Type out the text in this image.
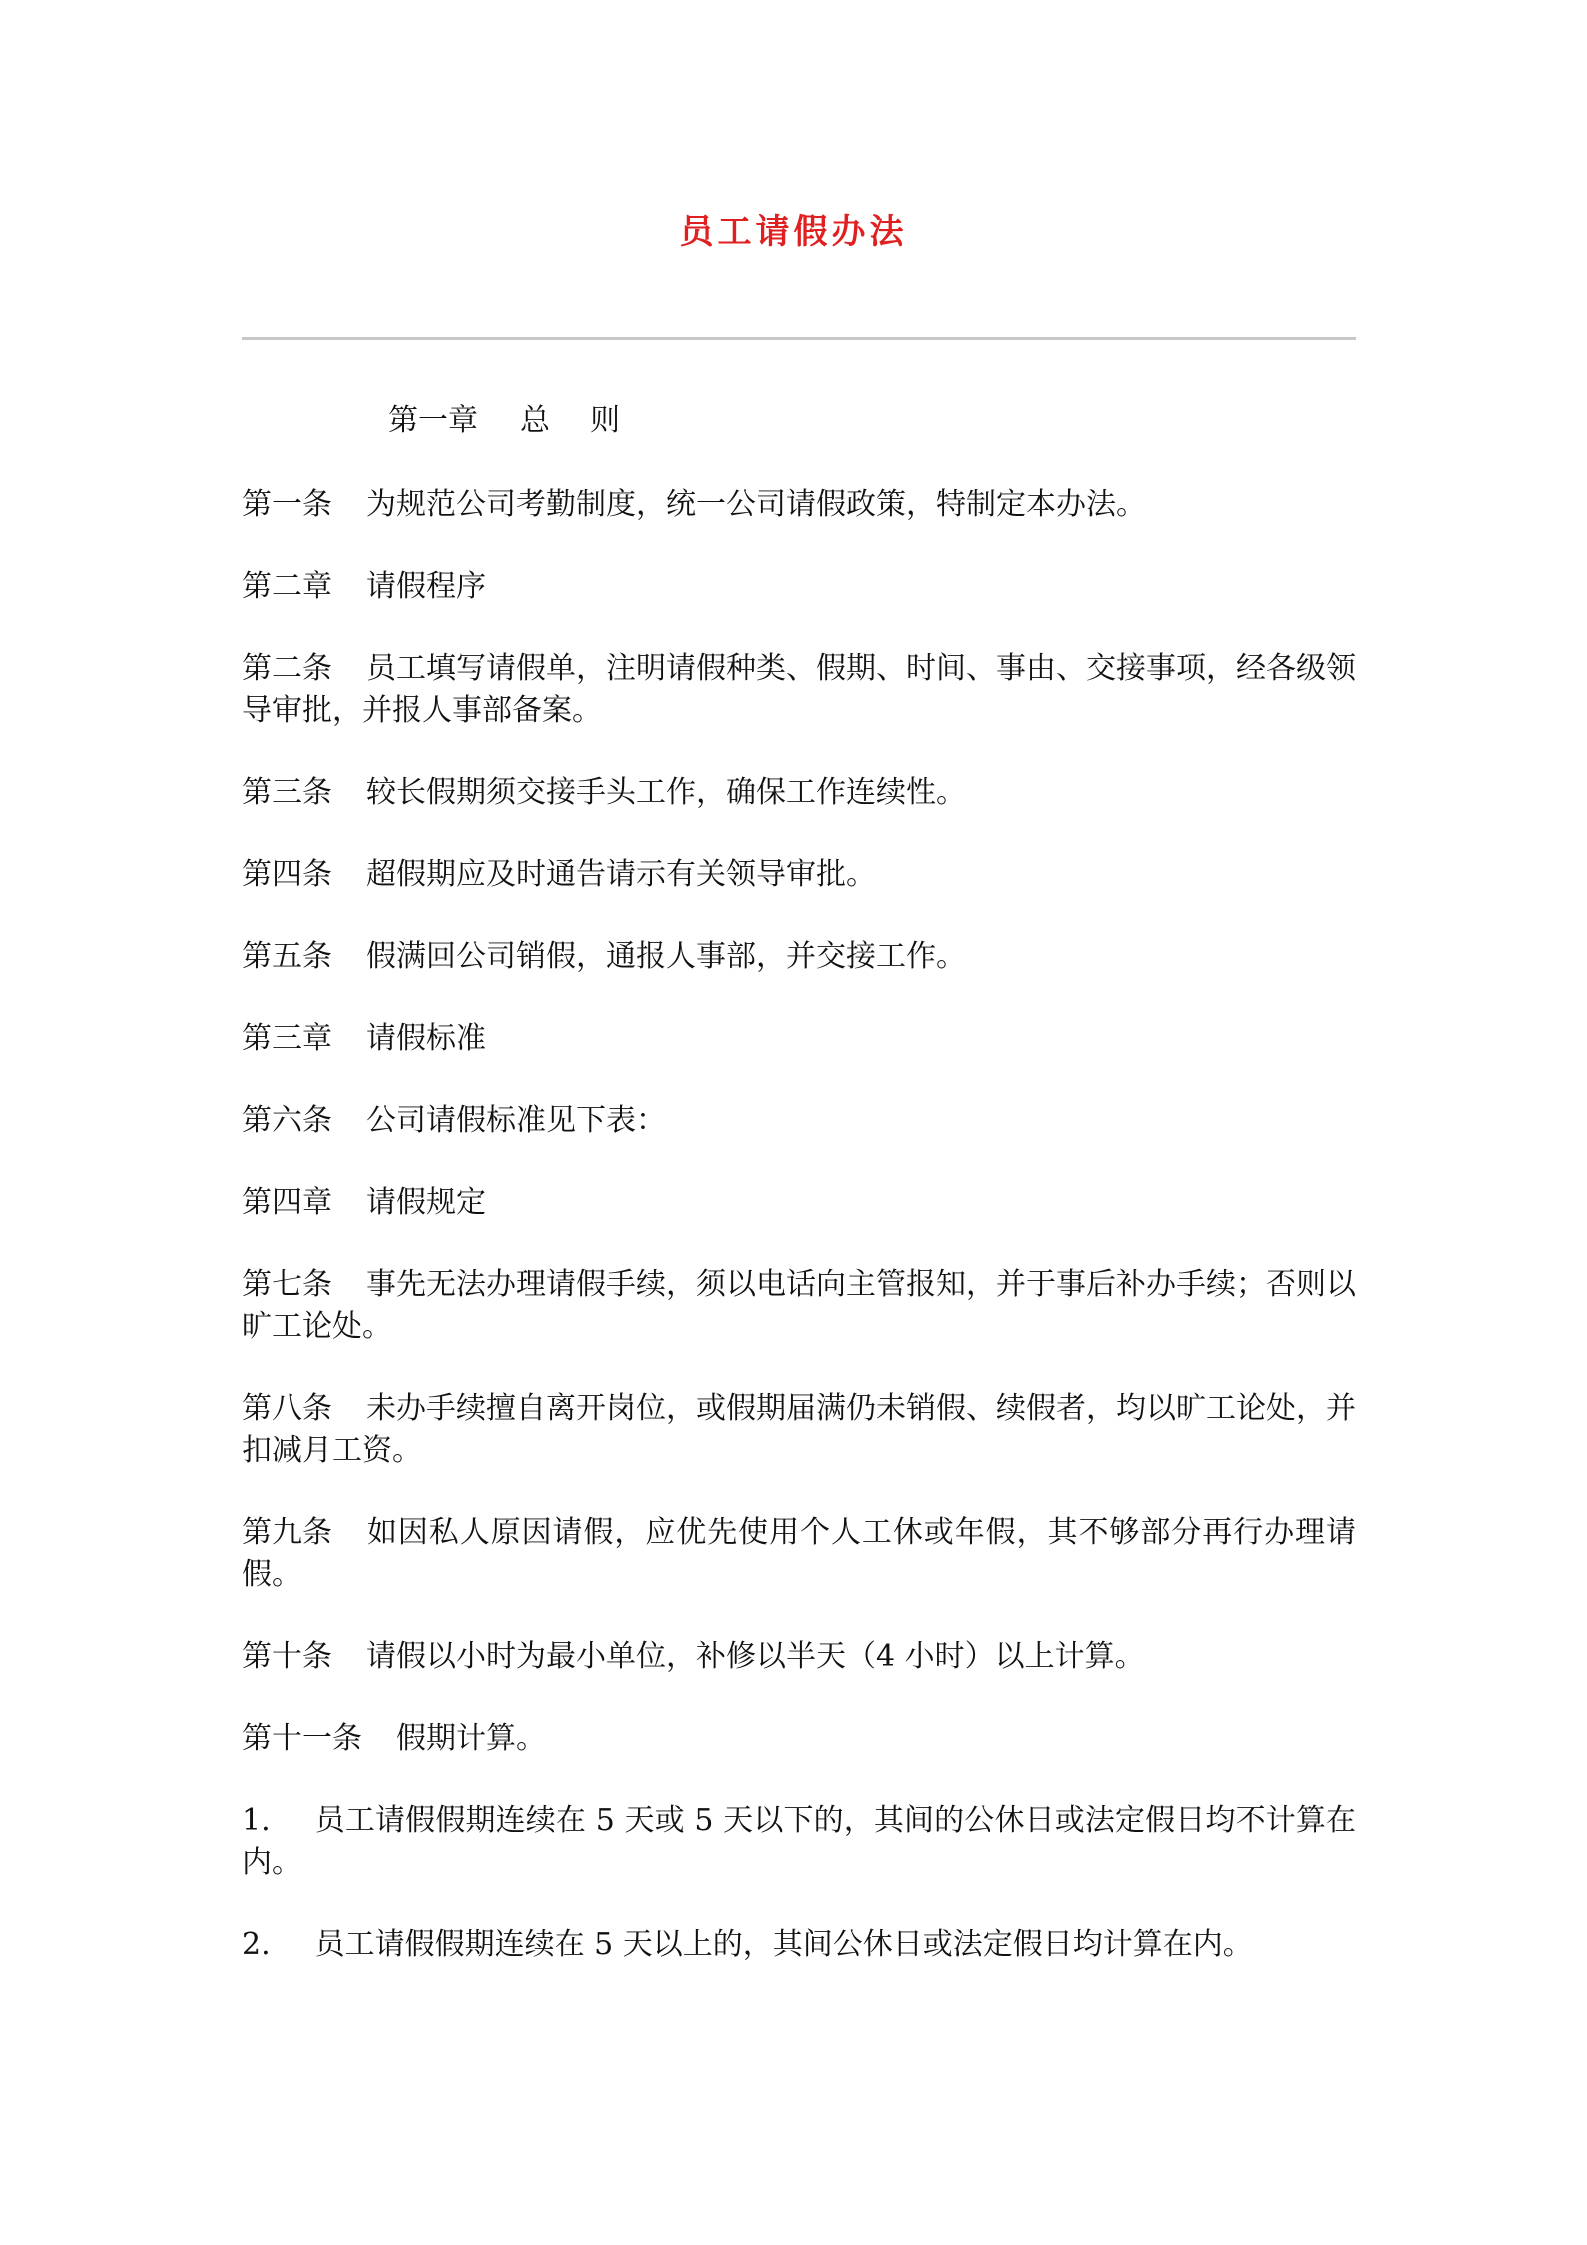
员工请假办法

第一章 总则

第一条 为规范公司考勤制度，统一公司请假政策，特制定本办法。

第二章 请假程序

第二条 员工填写请假单，注明请假种类、假期、时间、事由、交接事项，经各级领导审批，并报人事部备案。

第三条 较长假期须交接手头工作，确保工作连续性。

第四条 超假期应及时通告请示有关领导审批。

第五条 假满回公司销假，通报人事部，并交接工作。

第三章 请假标准

第六条 公司请假标准见下表：

第四章 请假规定

第七条 事先无法办理请假手续，须以电话向主管报知，并于事后补办手续；否则以旷工论处。

第八条 未办手续擅自离开岗位，或假期届满仍未销假、续假者，均以旷工论处，并扣减月工资。

第九条 如因私人原因请假，应优先使用个人工休或年假，其不够部分再行办理请假。

第十条 请假以小时为最小单位，补修以半天（4 小时）以上计算。

第十一条 假期计算。

1. 员工请假假期连续在 5 天或 5 天以下的，其间的公休日或法定假日均不计算在内。

2. 员工请假假期连续在 5 天以上的，其间公休日或法定假日均计算在内。
